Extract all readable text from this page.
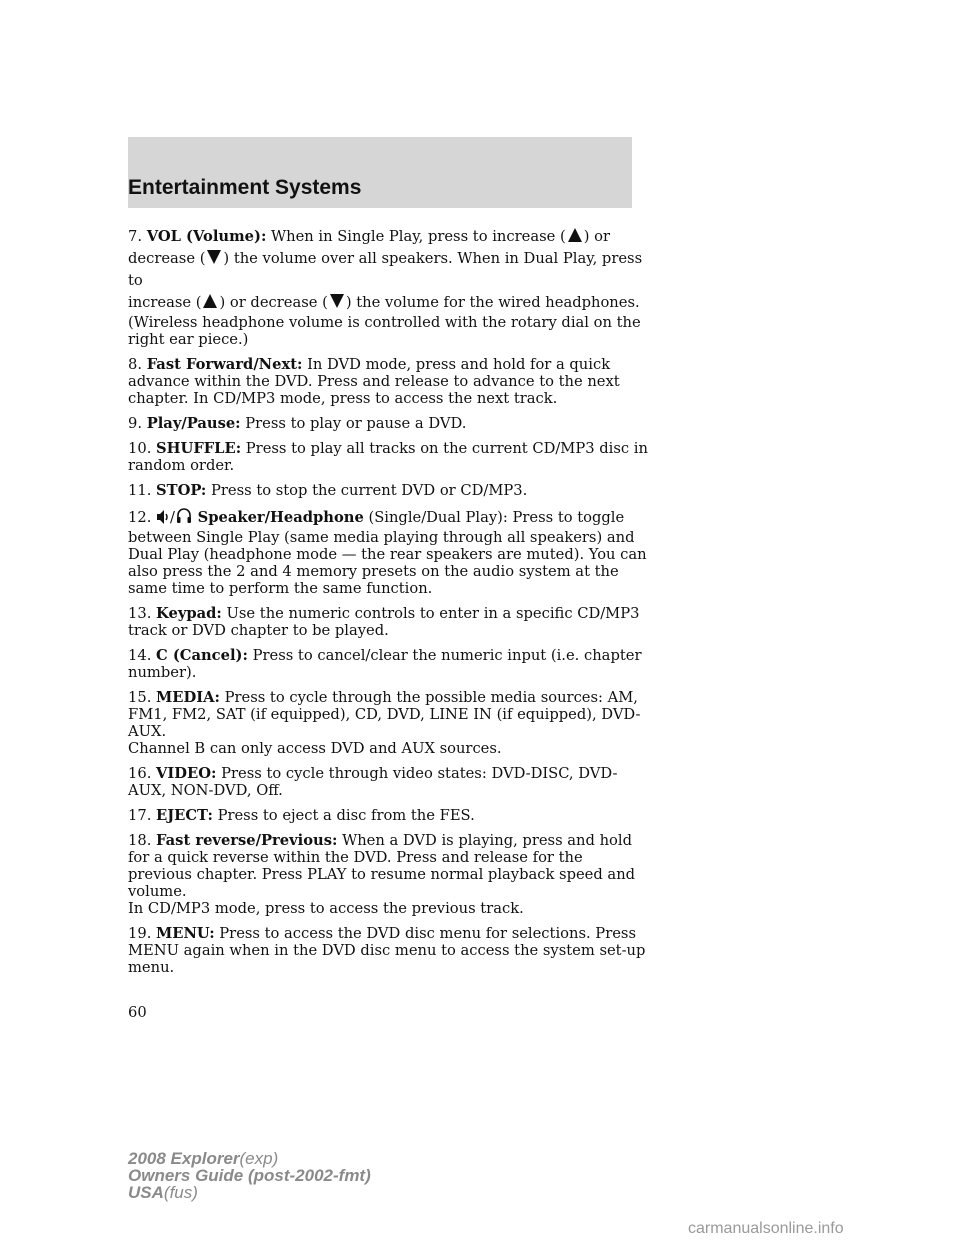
Entertainment Systems
7. VOL (Volume): When in Single Play, press to increase ( ) or
decrease ( ) the volume over all speakers. When in Dual Play, press to
increase ( ) or decrease ( ) the volume for the wired headphones.
(Wireless headphone volume is controlled with the rotary dial on the right ear piece.)
8. Fast Forward/Next: In DVD mode, press and hold for a quick advance within the DVD. Press and release to advance to the next chapter. In CD/MP3 mode, press to access the next track.
9. Play/Pause: Press to play or pause a DVD.
10. SHUFFLE: Press to play all tracks on the current CD/MP3 disc in random order.
11. STOP: Press to stop the current DVD or CD/MP3.
12. / Speaker/Headphone (Single/Dual Play): Press to toggle between Single Play (same media playing through all speakers) and Dual Play (headphone mode — the rear speakers are muted). You can also press the 2 and 4 memory presets on the audio system at the same time to perform the same function.
13. Keypad: Use the numeric controls to enter in a specific CD/MP3 track or DVD chapter to be played.
14. C (Cancel): Press to cancel/clear the numeric input (i.e. chapter number).
15. MEDIA: Press to cycle through the possible media sources: AM, FM1, FM2, SAT (if equipped), CD, DVD, LINE IN (if equipped), DVD-AUX.
Channel B can only access DVD and AUX sources.
16. VIDEO: Press to cycle through video states: DVD-DISC, DVD-AUX, NON-DVD, Off.
17. EJECT: Press to eject a disc from the FES.
18. Fast reverse/Previous: When a DVD is playing, press and hold for a quick reverse within the DVD. Press and release for the previous chapter. Press PLAY to resume normal playback speed and volume.
In CD/MP3 mode, press to access the previous track.
19. MENU: Press to access the DVD disc menu for selections. Press MENU again when in the DVD disc menu to access the system set-up menu.
60
2008 Explorer(exp)
Owners Guide (post-2002-fmt)
USA(fus)
carmanualsonline.info
